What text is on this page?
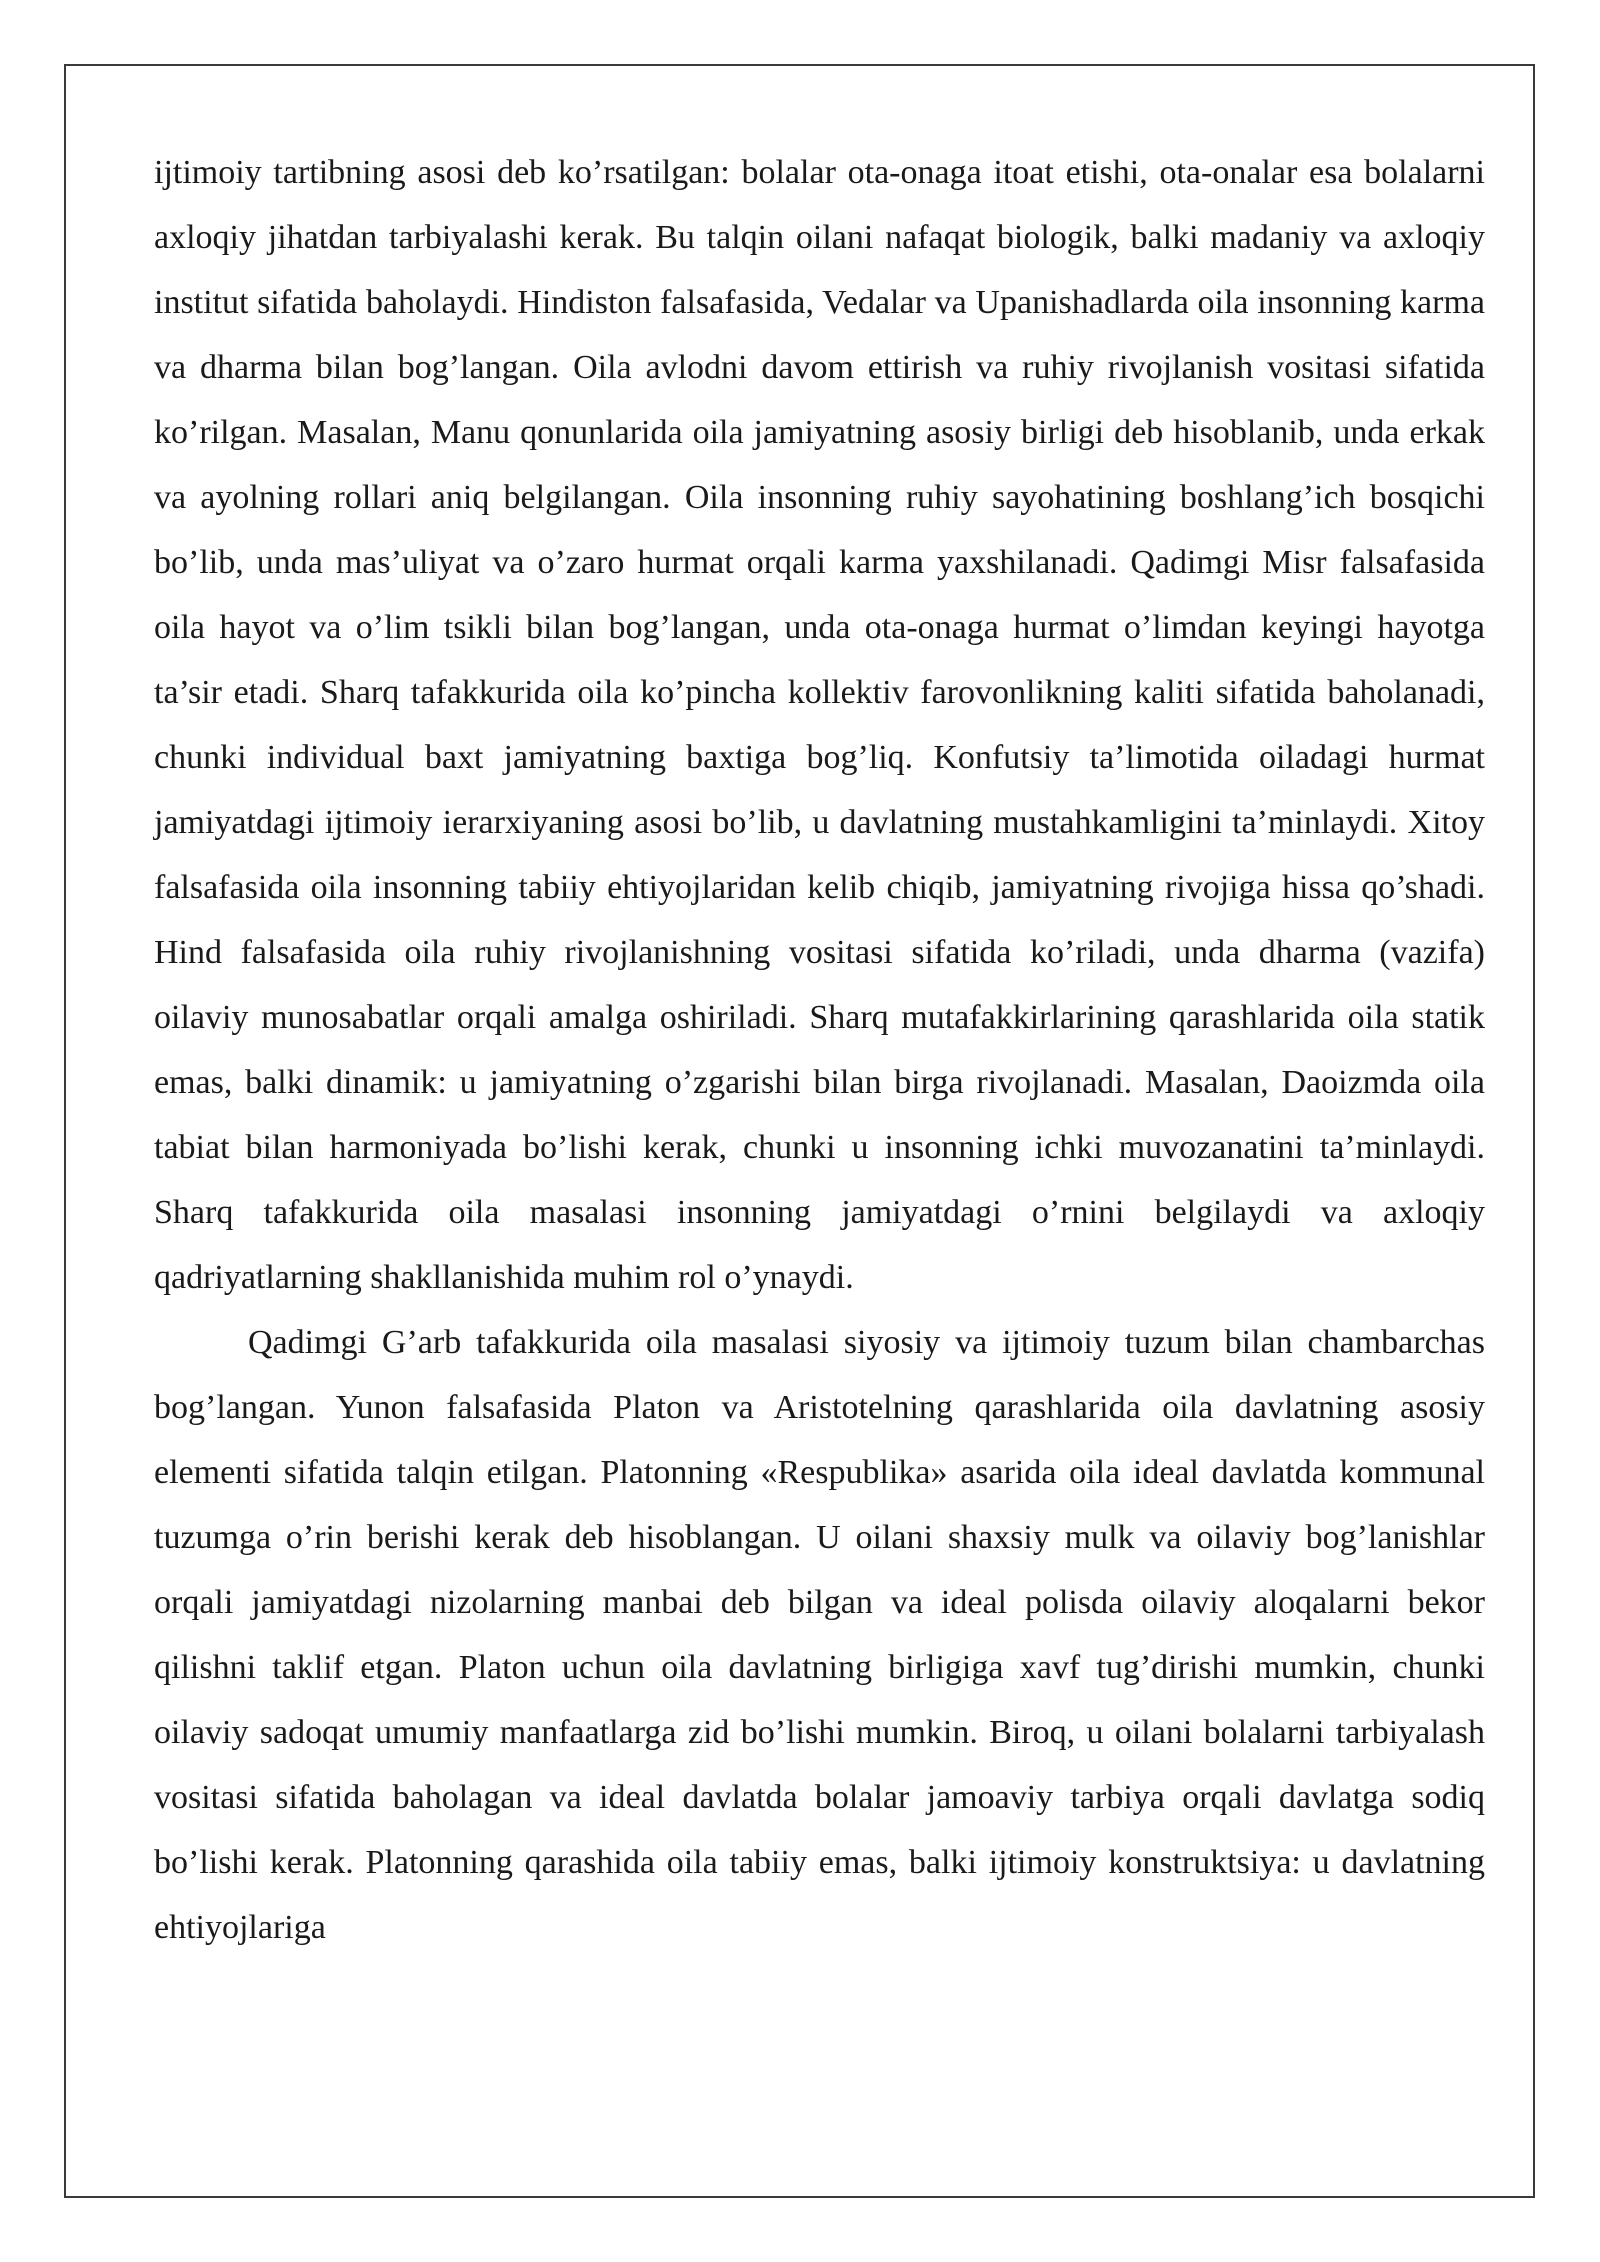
ijtimoiy tartibning asosi deb ko’rsatilgan: bolalar ota-onaga itoat etishi, ota-onalar esa bolalarni axloqiy jihatdan tarbiyalashi kerak. Bu talqin oilani nafaqat biologik, balki madaniy va axloqiy institut sifatida baholaydi. Hindiston falsafasida, Vedalar va Upanishadlarda oila insonning karma va dharma bilan bog’langan. Oila avlodni davom ettirish va ruhiy rivojlanish vositasi sifatida ko’rilgan. Masalan, Manu qonunlarida oila jamiyatning asosiy birligi deb hisoblanib, unda erkak va ayolning rollari aniq belgilangan. Oila insonning ruhiy sayohatining boshlang’ich bosqichi bo’lib, unda mas’uliyat va o’zaro hurmat orqali karma yaxshilanadi. Qadimgi Misr falsafasida oila hayot va o’lim tsikli bilan bog’langan, unda ota-onaga hurmat o’limdan keyingi hayotga ta’sir etadi. Sharq tafakkurida oila ko’pincha kollektiv farovonlikning kaliti sifatida baholanadi, chunki individual baxt jamiyatning baxtiga bog’liq. Konfutsiy ta’limotida oiladagi hurmat jamiyatdagi ijtimoiy ierarxiyaning asosi bo’lib, u davlatning mustahkamligini ta’minlaydi. Xitoy falsafasida oila insonning tabiiy ehtiyojlaridan kelib chiqib, jamiyatning rivojiga hissa qo’shadi. Hind falsafasida oila ruhiy rivojlanishning vositasi sifatida ko’riladi, unda dharma (vazifa) oilaviy munosabatlar orqali amalga oshiriladi. Sharq mutafakkirlarining qarashlarida oila statik emas, balki dinamik: u jamiyatning o’zgarishi bilan birga rivojlanadi. Masalan, Daoizmda oila tabiat bilan harmoniyada bo’lishi kerak, chunki u insonning ichki muvozanatini ta’minlaydi. Sharq tafakkurida oila masalasi insonning jamiyatdagi o’rnini belgilaydi va axloqiy qadriyatlarning shakllanishida muhim rol o’ynaydi.

Qadimgi G’arb tafakkurida oila masalasi siyosiy va ijtimoiy tuzum bilan chambarchas bog’langan. Yunon falsafasida Platon va Aristotelning qarashlarida oila davlatning asosiy elementi sifatida talqin etilgan. Platonning «Respublika» asarida oila ideal davlatda kommunal tuzumga o’rin berishi kerak deb hisoblangan. U oilani shaxsiy mulk va oilaviy bog’lanishlar orqali jamiyatdagi nizolarning manbai deb bilgan va ideal polisda oilaviy aloqalarni bekor qilishni taklif etgan. Platon uchun oila davlatning birligiga xavf tug’dirishi mumkin, chunki oilaviy sadoqat umumiy manfaatlarga zid bo’lishi mumkin. Biroq, u oilani bolalarni tarbiyalash vositasi sifatida baholagan va ideal davlatda bolalar jamoaviy tarbiya orqali davlatga sodiq bo’lishi kerak. Platonning qarashida oila tabiiy emas, balki ijtimoiy konstruktsiya: u davlatning ehtiyojlariga
